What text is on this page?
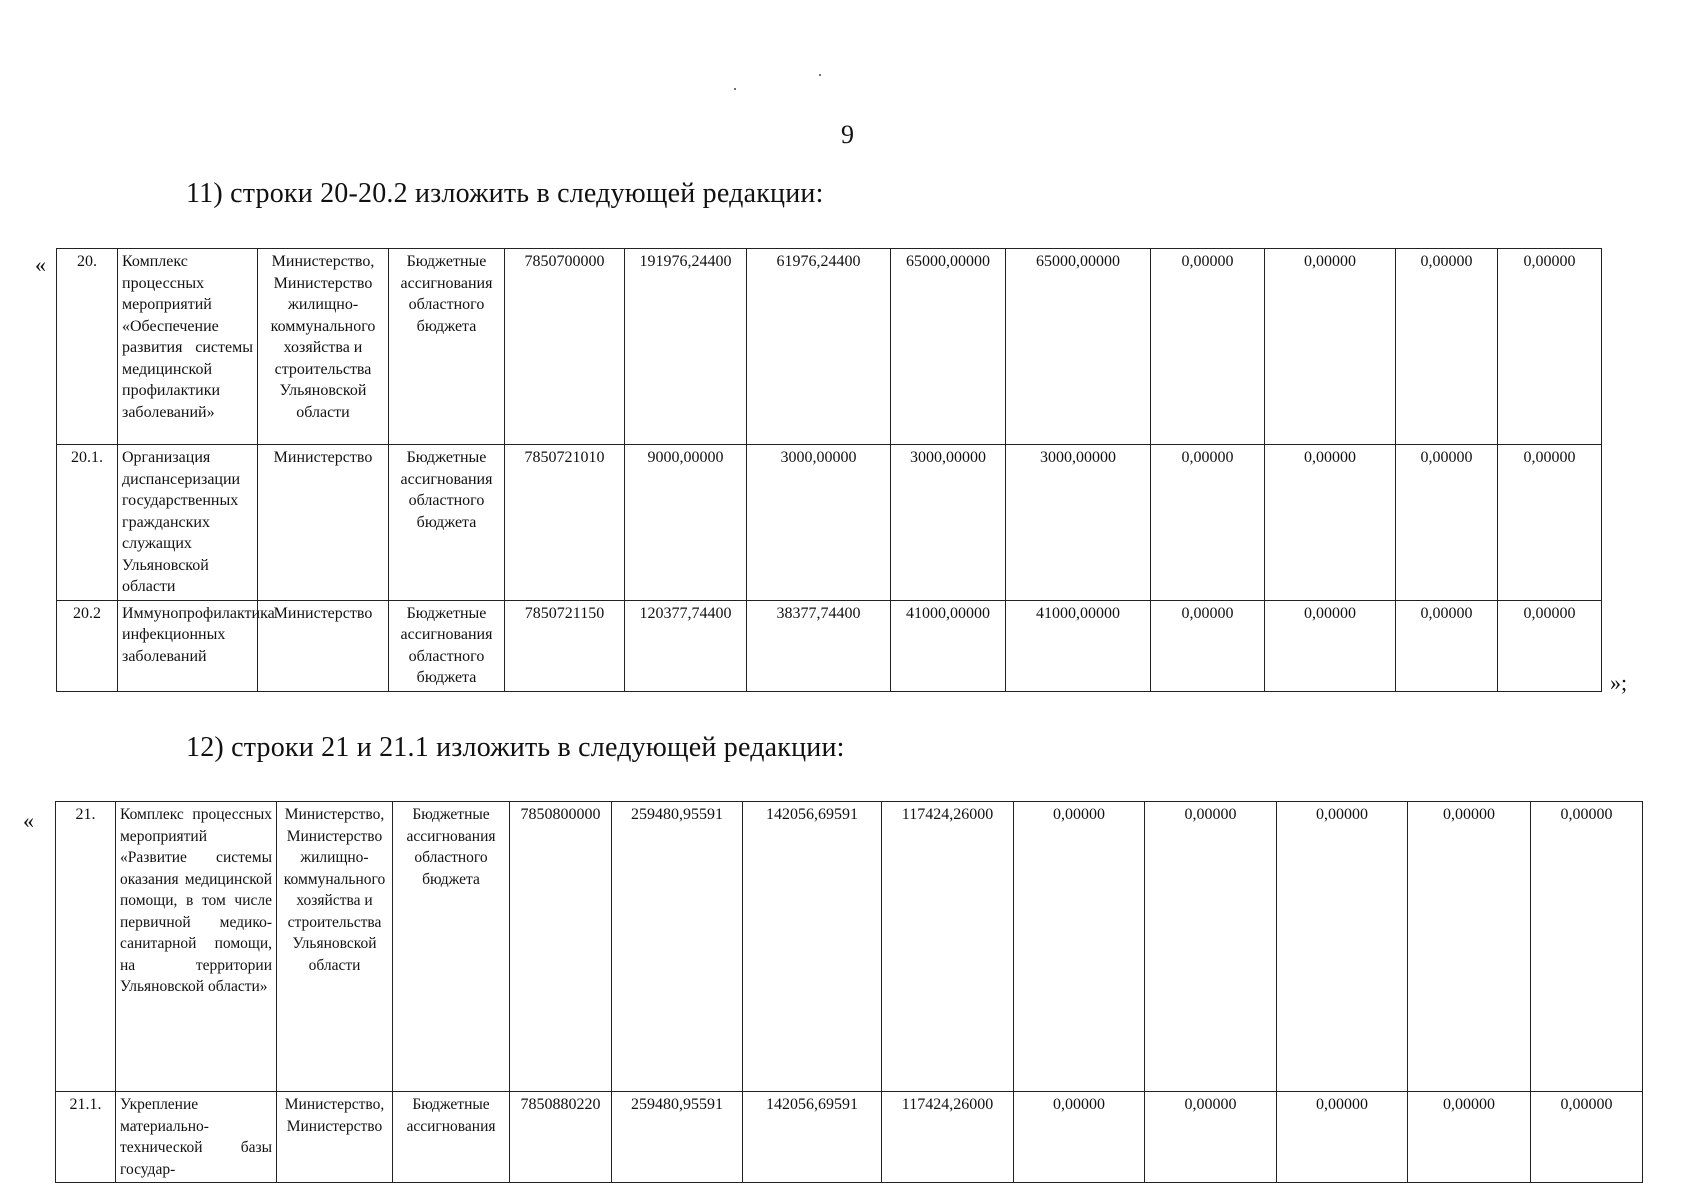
9
11) строки 20-20.2 изложить в следующей редакции:
«
»;
20.	Комплекс процессных мероприятий «Обеспечение развития системы медицинской профилактики заболеваний»	Министерство, Министерство жилищно-коммунального хозяйства и строительства Ульяновской области	Бюджетные ассигнования областного бюджета	7850700000	191976,24400	61976,24400	65000,00000	65000,00000	0,00000	0,00000	0,00000	0,00000
20.1.	Организация диспансеризации государственных гражданских служащих Ульяновской области	Министерство	Бюджетные ассигнования областного бюджета	7850721010	9000,00000	3000,00000	3000,00000	3000,00000	0,00000	0,00000	0,00000	0,00000
20.2	Иммунопрофилактика инфекционных заболеваний	Министерство	Бюджетные ассигнования областного бюджета	7850721150	120377,74400	38377,74400	41000,00000	41000,00000	0,00000	0,00000	0,00000	0,00000
12) строки 21 и 21.1 изложить в следующей редакции:
«	21.	Комплекс процессных мероприятий «Развитие системы оказания медицинской помощи, в том числе первичной медико-санитарной помощи, на территории Ульяновской области»	Министерство, Министерство жилищно-коммунального хозяйства и строительства Ульяновской области	Бюджетные ассигнования областного бюджета	7850800000	259480,95591	142056,69591	117424,26000	0,00000	0,00000	0,00000	0,00000	0,00000
21.1.	Укрепление материально-технической базы государ-	Министерство, Министерство	Бюджетные ассигнования	7850880220	259480,95591	142056,69591	117424,26000	0,00000	0,00000	0,00000	0,00000	0,00000
